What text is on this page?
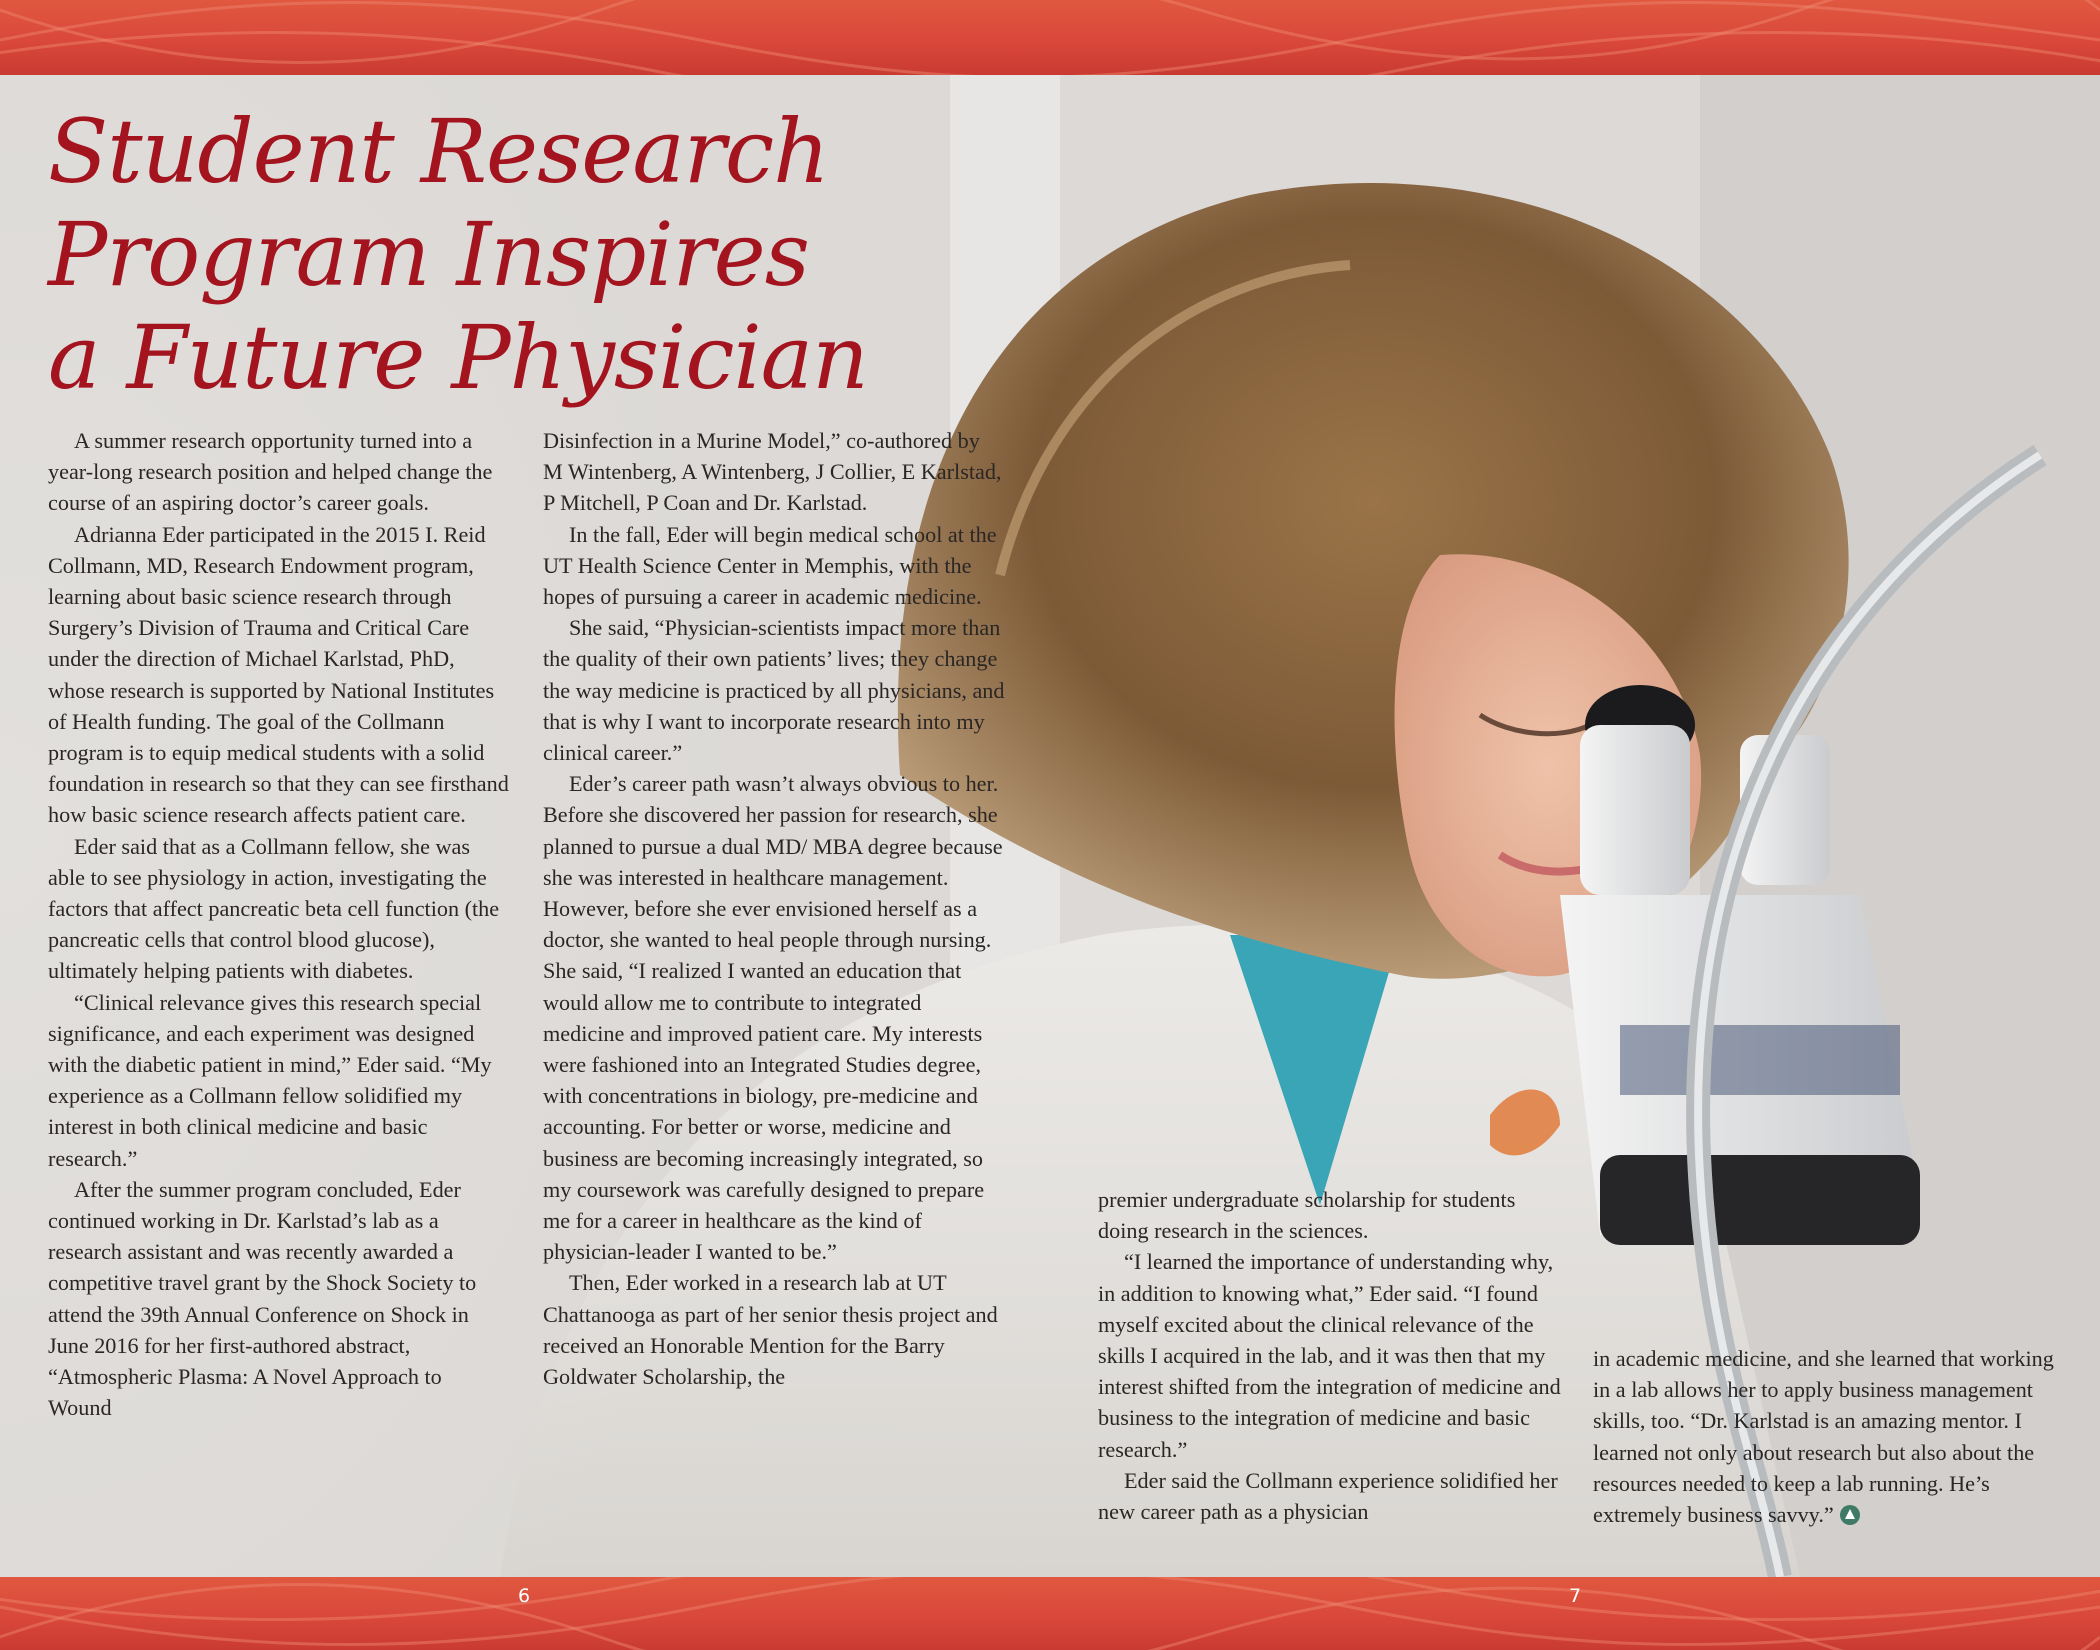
Student Research
Program Inspires
a Future Physician

A summer research opportunity turned into a year-long research position and helped change the course of an aspiring doctor’s career goals.

Adrianna Eder participated in the 2015 I. Reid Collmann, MD, Research Endowment program, learning about basic science research through Surgery’s Division of Trauma and Critical Care under the direction of Michael Karlstad, PhD, whose research is supported by National Institutes of Health funding. The goal of the Collmann program is to equip medical students with a solid foundation in research so that they can see firsthand how basic science research affects patient care.

Eder said that as a Collmann fellow, she was able to see physiology in action, investigating the factors that affect pancreatic beta cell function (the pancreatic cells that control blood glucose), ultimately helping patients with diabetes.

“Clinical relevance gives this research special significance, and each experiment was designed with the diabetic patient in mind,” Eder said. “My experience as a Collmann fellow solidified my interest in both clinical medicine and basic research.”

After the summer program concluded, Eder continued working in Dr. Karlstad’s lab as a research assistant and was recently awarded a competitive travel grant by the Shock Society to attend the 39th Annual Conference on Shock in June 2016 for her first-authored abstract, “Atmospheric Plasma: A Novel Approach to Wound

Disinfection in a Murine Model,” co-authored by M Wintenberg, A Wintenberg, J Collier, E Karlstad, P Mitchell, P Coan and Dr. Karlstad.

In the fall, Eder will begin medical school at the UT Health Science Center in Memphis, with the hopes of pursuing a career in academic medicine.

She said, “Physician-scientists impact more than the quality of their own patients’ lives; they change the way medicine is practiced by all physicians, and that is why I want to incorporate research into my clinical career.”

Eder’s career path wasn’t always obvious to her. Before she discovered her passion for research, she planned to pursue a dual MD/ MBA degree because she was interested in healthcare management. However, before she ever envisioned herself as a doctor, she wanted to heal people through nursing. She said, “I realized I wanted an education that would allow me to contribute to integrated medicine and improved patient care. My interests were fashioned into an Integrated Studies degree, with concentrations in biology, pre-medicine and accounting. For better or worse, medicine and business are becoming increasingly integrated, so my coursework was carefully designed to prepare me for a career in healthcare as the kind of physician-leader I wanted to be.”

Then, Eder worked in a research lab at UT Chattanooga as part of her senior thesis project and received an Honorable Mention for the Barry Goldwater Scholarship, the

premier undergraduate scholarship for students doing research in the sciences.

“I learned the importance of understanding why, in addition to knowing what,” Eder said. “I found myself excited about the clinical relevance of the skills I acquired in the lab, and it was then that my interest shifted from the integration of medicine and business to the integration of medicine and basic research.”

Eder said the Collmann experience solidified her new career path as a physician

in academic medicine, and she learned that working in a lab allows her to apply business management skills, too. “Dr. Karlstad is an amazing mentor. I learned not only about research but also about the resources needed to keep a lab running. He’s extremely business savvy.”

6	7
